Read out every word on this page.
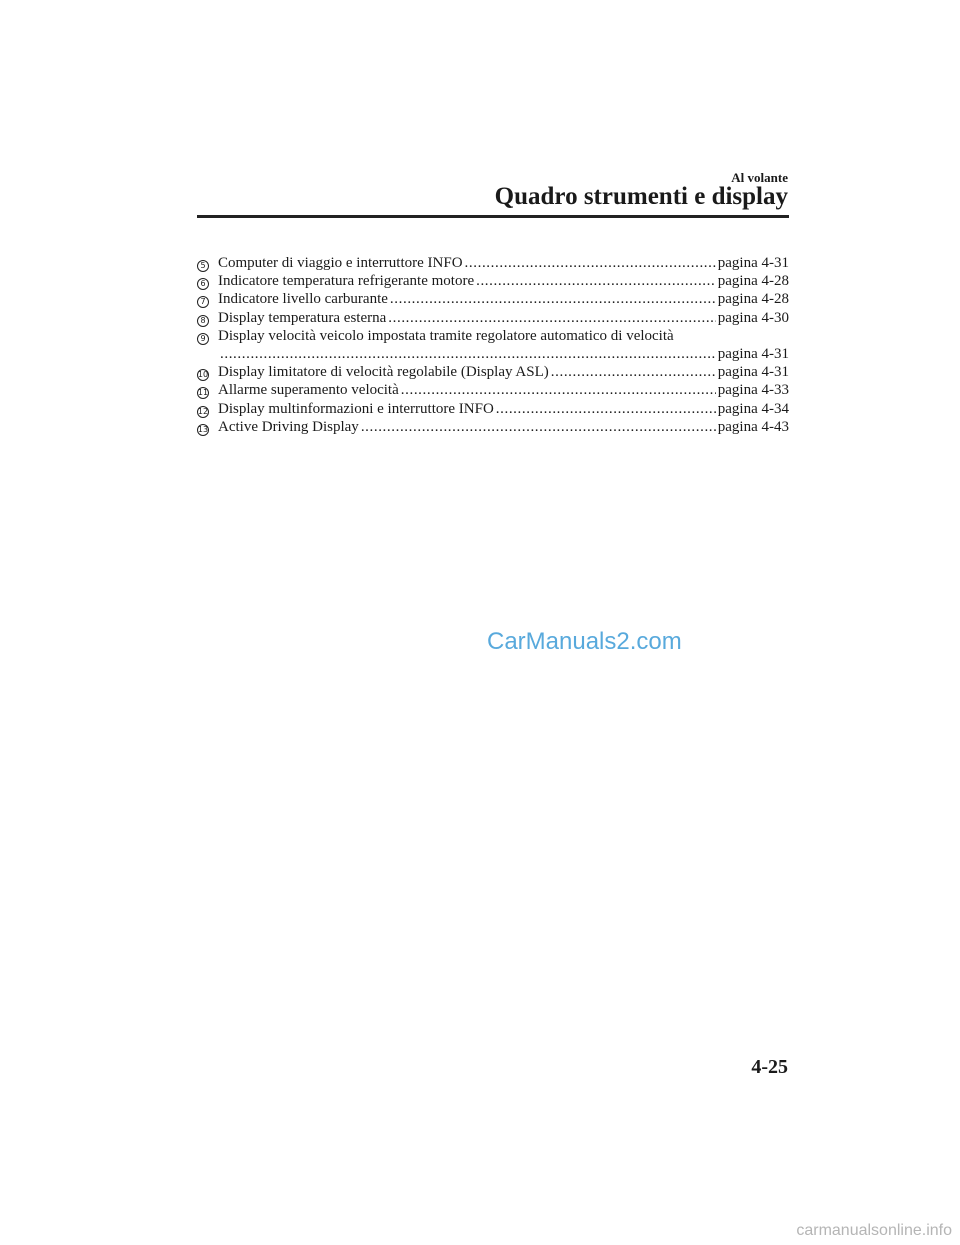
Al volante
Quadro strumenti e display
5 Computer di viaggio e interruttore INFO .....	pagina 4-31
6 Indicatore temperatura refrigerante motore .....	pagina 4-28
7 Indicatore livello carburante .....	pagina 4-28
8 Display temperatura esterna .....	pagina 4-30
9 Display velocità veicolo impostata tramite regolatore automatico di velocità
.....
pagina 4-31
10 Display limitatore di velocità regolabile (Display ASL) .....	pagina 4-31
11 Allarme superamento velocità .....	pagina 4-33
12 Display multinformazioni e interruttore INFO .....	pagina 4-34
13 Active Driving Display .....	pagina 4-43
CarManuals2.com
4-25
carmanualsonline.info
